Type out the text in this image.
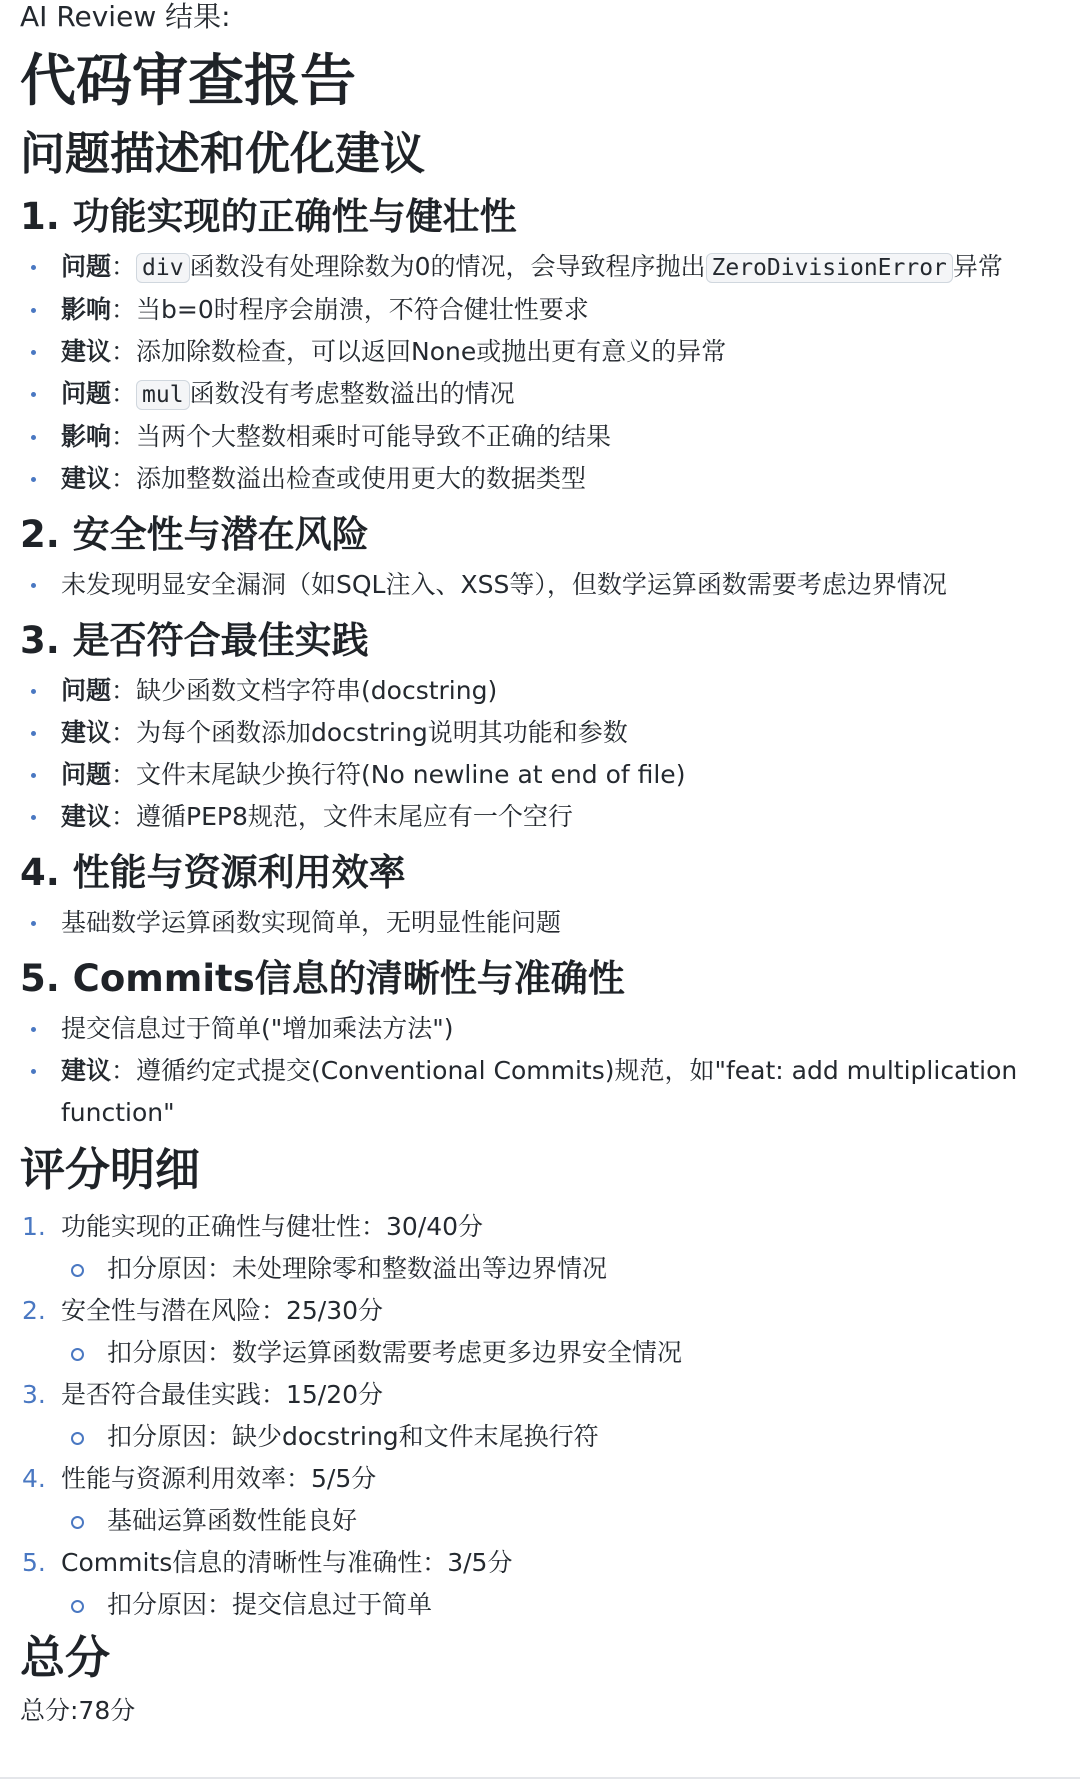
AI Review 结果:
代码审查报告
问题描述和优化建议
1. 功能实现的正确性与健壮性
问题： div 函数没有处理除数为0的情况，会导致程序抛出 ZeroDivisionError 异常
影响：当b=0时程序会崩溃，不符合健壮性要求
建议：添加除数检查，可以返回None或抛出更有意义的异常
问题： mul 函数没有考虑整数溢出的情况
影响：当两个大整数相乘时可能导致不正确的结果
建议：添加整数溢出检查或使用更大的数据类型
2. 安全性与潜在风险
未发现明显安全漏洞（如SQL注入、XSS等），但数学运算函数需要考虑边界情况
3. 是否符合最佳实践
问题：缺少函数文档字符串(docstring)
建议：为每个函数添加docstring说明其功能和参数
问题：文件末尾缺少换行符(No newline at end of file)
建议：遵循PEP8规范，文件末尾应有一个空行
4. 性能与资源利用效率
基础数学运算函数实现简单，无明显性能问题
5. Commits信息的清晰性与准确性
提交信息过于简单("增加乘法方法")
建议：遵循约定式提交(Conventional Commits)规范，如"feat: add multiplication function"
评分明细
1. 功能实现的正确性与健壮性：30/40分
扣分原因：未处理除零和整数溢出等边界情况
2. 安全性与潜在风险：25/30分
扣分原因：数学运算函数需要考虑更多边界安全情况
3. 是否符合最佳实践：15/20分
扣分原因：缺少docstring和文件末尾换行符
4. 性能与资源利用效率：5/5分
基础运算函数性能良好
5. Commits信息的清晰性与准确性：3/5分
扣分原因：提交信息过于简单
总分
总分:78分
